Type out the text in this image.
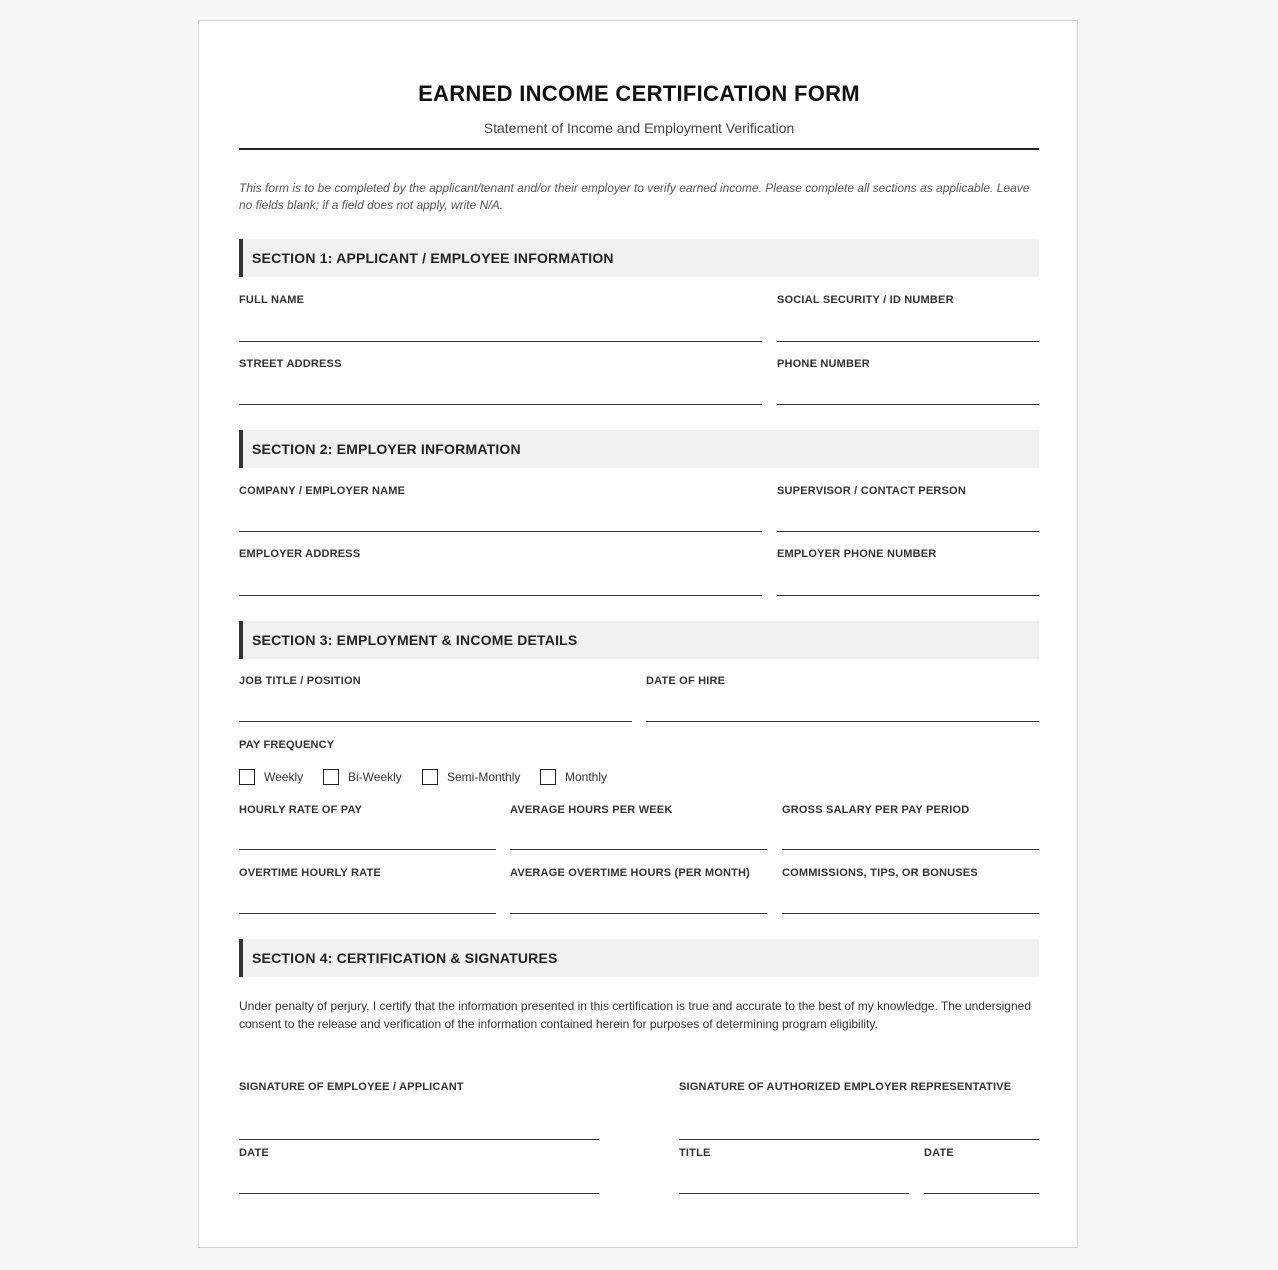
EARNED INCOME CERTIFICATION FORM
Statement of Income and Employment Verification
This form is to be completed by the applicant/tenant and/or their employer to verify earned income. Please complete all sections as applicable. Leave no fields blank; if a field does not apply, write N/A.
SECTION 1: APPLICANT / EMPLOYEE INFORMATION
FULL NAME	SOCIAL SECURITY / ID NUMBER
STREET ADDRESS	PHONE NUMBER
SECTION 2: EMPLOYER INFORMATION
COMPANY / EMPLOYER NAME	SUPERVISOR / CONTACT PERSON
EMPLOYER ADDRESS	EMPLOYER PHONE NUMBER
SECTION 3: EMPLOYMENT & INCOME DETAILS
JOB TITLE / POSITION	DATE OF HIRE
PAY FREQUENCY
Weekly	Bi-Weekly	Semi-Monthly	Monthly
HOURLY RATE OF PAY	AVERAGE HOURS PER WEEK	GROSS SALARY PER PAY PERIOD
OVERTIME HOURLY RATE	AVERAGE OVERTIME HOURS (PER MONTH)	COMMISSIONS, TIPS, OR BONUSES
SECTION 4: CERTIFICATION & SIGNATURES
Under penalty of perjury, I certify that the information presented in this certification is true and accurate to the best of my knowledge. The undersigned consent to the release and verification of the information contained herein for purposes of determining program eligibility.
SIGNATURE OF EMPLOYEE / APPLICANT	SIGNATURE OF AUTHORIZED EMPLOYER REPRESENTATIVE
DATE	TITLE	DATE
